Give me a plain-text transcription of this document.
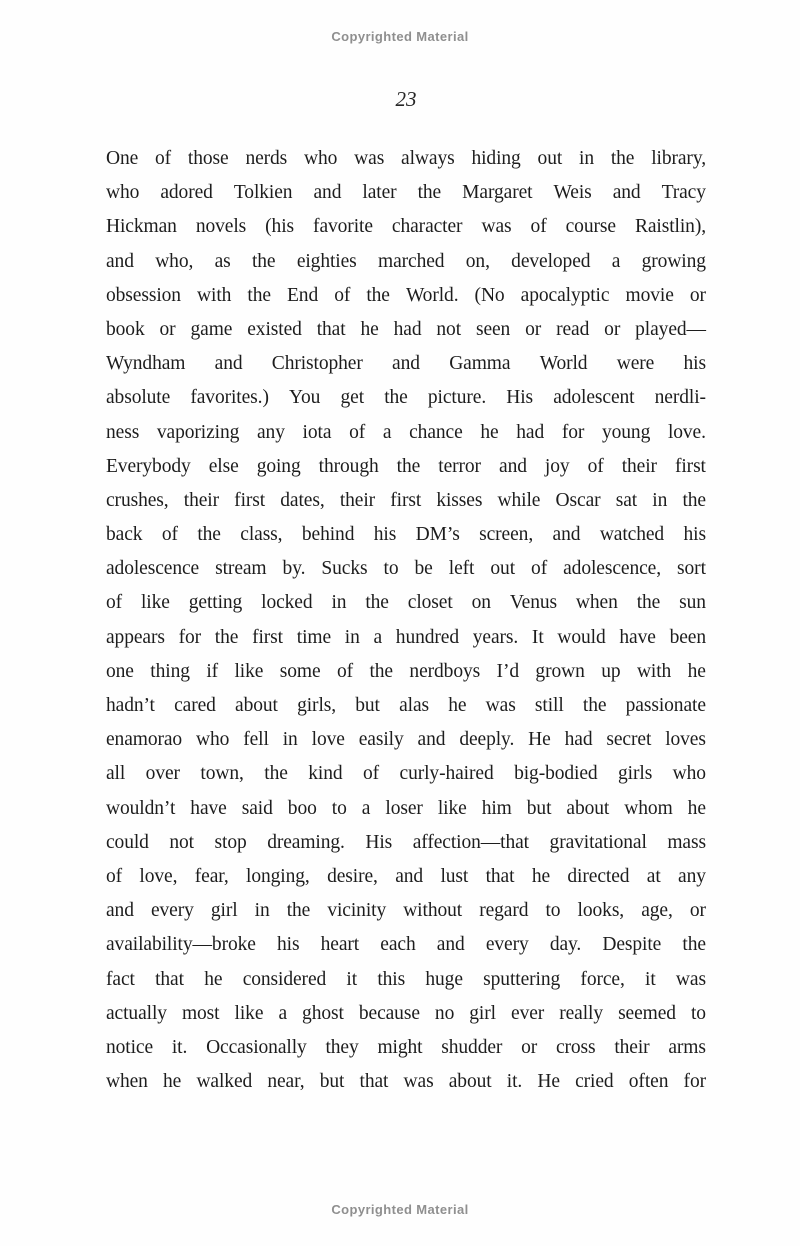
Copyrighted Material
23
One of those nerds who was always hiding out in the library,
who adored Tolkien and later the Margaret Weis and Tracy
Hickman novels (his favorite character was of course Raistlin),
and who, as the eighties marched on, developed a growing
obsession with the End of the World. (No apocalyptic movie or
book or game existed that he had not seen or read or played—
Wyndham and Christopher and Gamma World were his
absolute favorites.) You get the picture. His adolescent nerdli-
ness vaporizing any iota of a chance he had for young love.
Everybody else going through the terror and joy of their first
crushes, their first dates, their first kisses while Oscar sat in the
back of the class, behind his DM’s screen, and watched his
adolescence stream by. Sucks to be left out of adolescence, sort
of like getting locked in the closet on Venus when the sun
appears for the first time in a hundred years. It would have been
one thing if like some of the nerdboys I’d grown up with he
hadn’t cared about girls, but alas he was still the passionate
enamorao who fell in love easily and deeply. He had secret loves
all over town, the kind of curly-haired big-bodied girls who
wouldn’t have said boo to a loser like him but about whom he
could not stop dreaming. His affection—that gravitational mass
of love, fear, longing, desire, and lust that he directed at any
and every girl in the vicinity without regard to looks, age, or
availability—broke his heart each and every day. Despite the
fact that he considered it this huge sputtering force, it was
actually most like a ghost because no girl ever really seemed to
notice it. Occasionally they might shudder or cross their arms
when he walked near, but that was about it. He cried often for
Copyrighted Material
